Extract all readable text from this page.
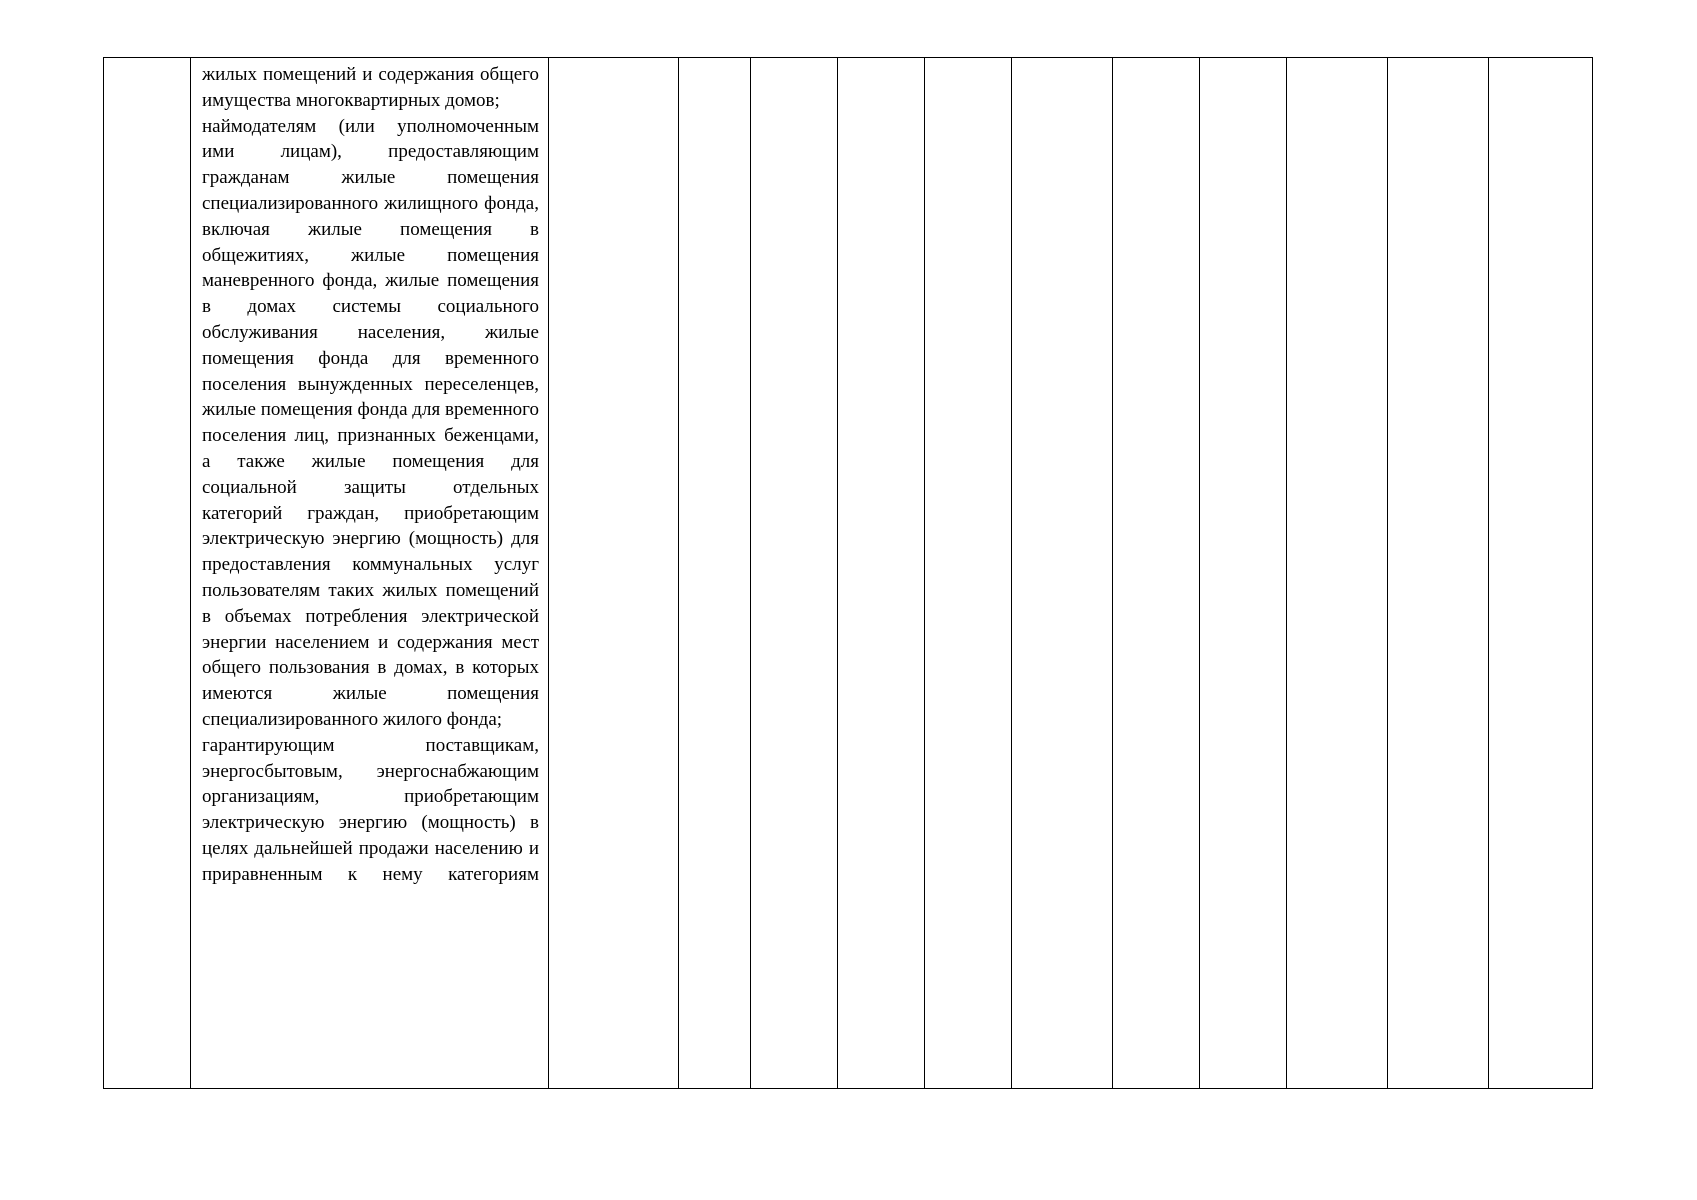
жилых помещений и содержания общего имущества многоквартирных домов;
наймодателям (или уполномоченным ими лицам), предоставляющим гражданам жилые помещения специализированного жилищного фонда, включая жилые помещения в общежитиях, жилые помещения маневренного фонда, жилые помещения в домах системы социального обслуживания населения, жилые помещения фонда для временного поселения вынужденных переселенцев, жилые помещения фонда для временного поселения лиц, признанных беженцами, а также жилые помещения для социальной защиты отдельных категорий граждан, приобретающим электрическую энергию (мощность) для предоставления коммунальных услуг пользователям таких жилых помещений в объемах потребления электрической энергии населением и содержания мест общего пользования в домах, в которых имеются жилые помещения специализированного жилого фонда;
гарантирующим поставщикам, энергосбытовым, энергоснабжающим организациям, приобретающим электрическую энергию (мощность) в целях дальнейшей продажи населению и приравненным к нему категориям
